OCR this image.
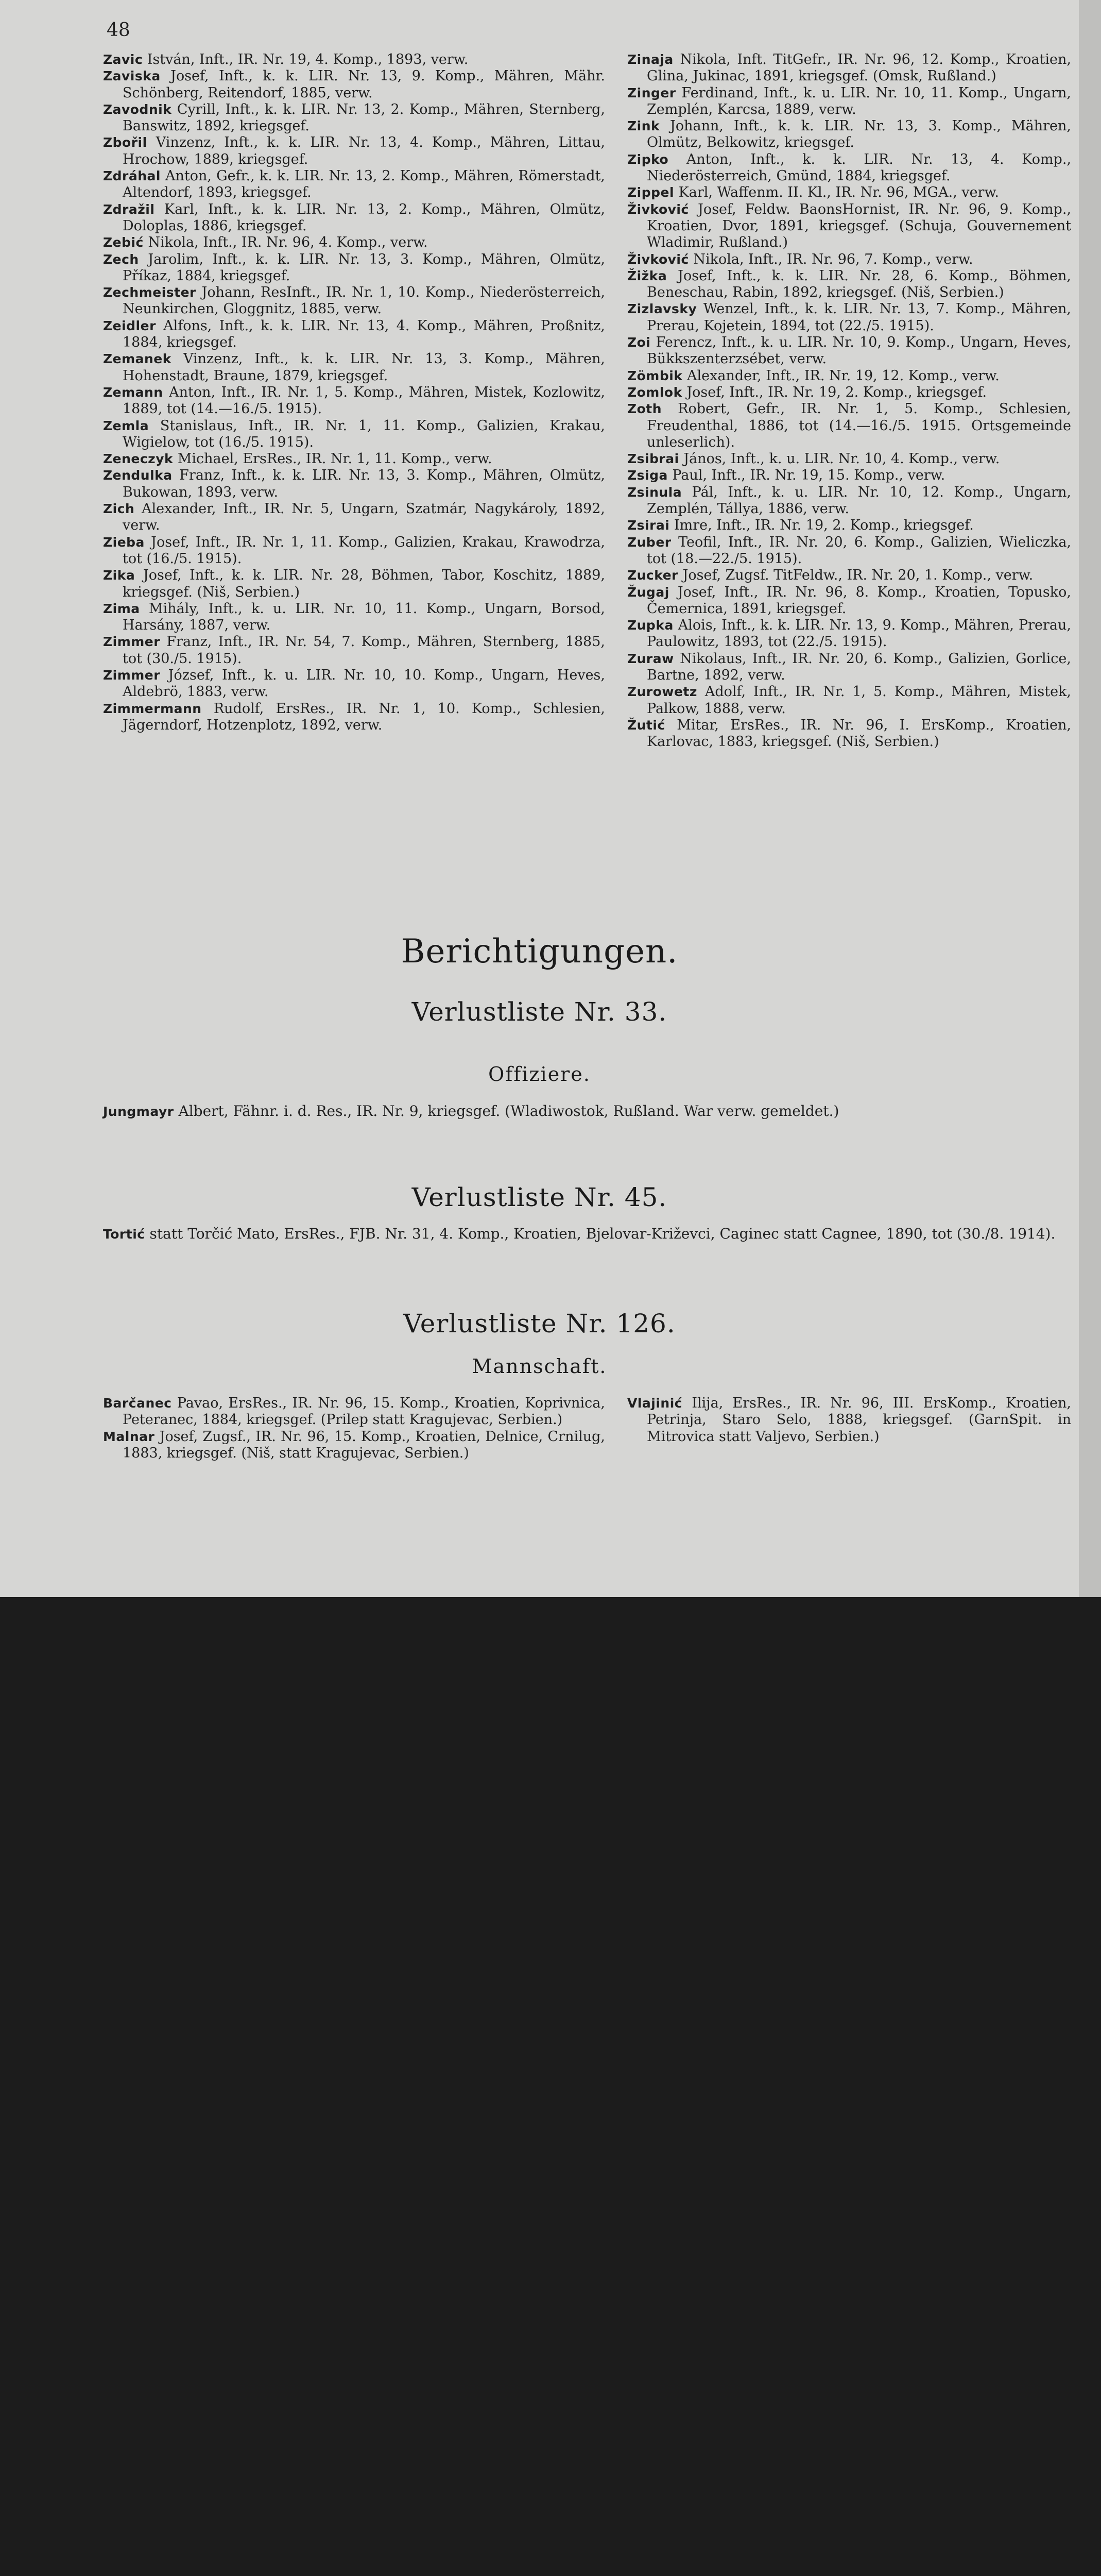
48

Zavic István, Inft., IR. Nr. 19, 4. Komp., 1893, verw.

Zaviska Josef, Inft., k. k. LIR. Nr. 13, 9. Komp., Mähren, Mähr. Schönberg, Reitendorf, 1885, verw.

Zavodnik Cyrill, Inft., k. k. LIR. Nr. 13, 2. Komp., Mähren, Sternberg, Banswitz, 1892, kriegsgef.

Zbořil Vinzenz, Inft., k. k. LIR. Nr. 13, 4. Komp., Mähren, Littau, Hrochow, 1889, kriegsgef.

Zdráhal Anton, Gefr., k. k. LIR. Nr. 13, 2. Komp., Mähren, Römerstadt, Altendorf, 1893, kriegsgef.

Zdražil Karl, Inft., k. k. LIR. Nr. 13, 2. Komp., Mähren, Olmütz, Doloplas, 1886, kriegsgef.

Zebić Nikola, Inft., IR. Nr. 96, 4. Komp., verw.

Zech Jarolim, Inft., k. k. LIR. Nr. 13, 3. Komp., Mähren, Olmütz, Příkaz, 1884, kriegsgef.

Zechmeister Johann, ResInft., IR. Nr. 1, 10. Komp., Niederösterreich, Neunkirchen, Gloggnitz, 1885, verw.

Zeidler Alfons, Inft., k. k. LIR. Nr. 13, 4. Komp., Mähren, Proßnitz, 1884, kriegsgef.

Zemanek Vinzenz, Inft., k. k. LIR. Nr. 13, 3. Komp., Mähren, Hohenstadt, Braune, 1879, kriegsgef.

Zemann Anton, Inft., IR. Nr. 1, 5. Komp., Mähren, Mistek, Kozlowitz, 1889, tot (14.—16./5. 1915).

Zemla Stanislaus, Inft., IR. Nr. 1, 11. Komp., Galizien, Krakau, Wigielow, tot (16./5. 1915).

Zeneczyk Michael, ErsRes., IR. Nr. 1, 11. Komp., verw.

Zendulka Franz, Inft., k. k. LIR. Nr. 13, 3. Komp., Mähren, Olmütz, Bukowan, 1893, verw.

Zich Alexander, Inft., IR. Nr. 5, Ungarn, Szatmár, Nagykároly, 1892, verw.

Zieba Josef, Inft., IR. Nr. 1, 11. Komp., Galizien, Krakau, Krawodrza, tot (16./5. 1915).

Zika Josef, Inft., k. k. LIR. Nr. 28, Böhmen, Tabor, Koschitz, 1889, kriegsgef. (Niš, Serbien.)

Zima Mihály, Inft., k. u. LIR. Nr. 10, 11. Komp., Ungarn, Borsod, Harsány, 1887, verw.

Zimmer Franz, Inft., IR. Nr. 54, 7. Komp., Mähren, Sternberg, 1885, tot (30./5. 1915).

Zimmer József, Inft., k. u. LIR. Nr. 10, 10. Komp., Ungarn, Heves, Aldebrö, 1883, verw.

Zimmermann Rudolf, ErsRes., IR. Nr. 1, 10. Komp., Schlesien, Jägerndorf, Hotzenplotz, 1892, verw.

Zinaja Nikola, Inft. TitGefr., IR. Nr. 96, 12. Komp., Kroatien, Glina, Jukinac, 1891, kriegsgef. (Omsk, Rußland.)

Zinger Ferdinand, Inft., k. u. LIR. Nr. 10, 11. Komp., Ungarn, Zemplén, Karcsa, 1889, verw.

Zink Johann, Inft., k. k. LIR. Nr. 13, 3. Komp., Mähren, Olmütz, Belkowitz, kriegsgef.

Zipko Anton, Inft., k. k. LIR. Nr. 13, 4. Komp., Niederösterreich, Gmünd, 1884, kriegsgef.

Zippel Karl, Waffenm. II. Kl., IR. Nr. 96, MGA., verw.

Živković Josef, Feldw. BaonsHornist, IR. Nr. 96, 9. Komp., Kroatien, Dvor, 1891, kriegsgef. (Schuja, Gouvernement Wladimir, Rußland.)

Živković Nikola, Inft., IR. Nr. 96, 7. Komp., verw.

Žižka Josef, Inft., k. k. LIR. Nr. 28, 6. Komp., Böhmen, Beneschau, Rabin, 1892, kriegsgef. (Niš, Serbien.)

Zizlavsky Wenzel, Inft., k. k. LIR. Nr. 13, 7. Komp., Mähren, Prerau, Kojetein, 1894, tot (22./5. 1915).

Zoi Ferencz, Inft., k. u. LIR. Nr. 10, 9. Komp., Ungarn, Heves, Bükkszenterzsébet, verw.

Zömbik Alexander, Inft., IR. Nr. 19, 12. Komp., verw.

Zomlok Josef, Inft., IR. Nr. 19, 2. Komp., kriegsgef.

Zoth Robert, Gefr., IR. Nr. 1, 5. Komp., Schlesien, Freudenthal, 1886, tot (14.—16./5. 1915. Ortsgemeinde unleserlich).

Zsibrai János, Inft., k. u. LIR. Nr. 10, 4. Komp., verw.

Zsiga Paul, Inft., IR. Nr. 19, 15. Komp., verw.

Zsinula Pál, Inft., k. u. LIR. Nr. 10, 12. Komp., Ungarn, Zemplén, Tállya, 1886, verw.

Zsirai Imre, Inft., IR. Nr. 19, 2. Komp., kriegsgef.

Zuber Teofil, Inft., IR. Nr. 20, 6. Komp., Galizien, Wieliczka, tot (18.—22./5. 1915).

Zucker Josef, Zugsf. TitFeldw., IR. Nr. 20, 1. Komp., verw.

Žugaj Josef, Inft., IR. Nr. 96, 8. Komp., Kroatien, Topusko, Čemernica, 1891, kriegsgef.

Zupka Alois, Inft., k. k. LIR. Nr. 13, 9. Komp., Mähren, Prerau, Paulowitz, 1893, tot (22./5. 1915).

Zuraw Nikolaus, Inft., IR. Nr. 20, 6. Komp., Galizien, Gorlice, Bartne, 1892, verw.

Zurowetz Adolf, Inft., IR. Nr. 1, 5. Komp., Mähren, Mistek, Palkow, 1888, verw.

Žutić Mitar, ErsRes., IR. Nr. 96, I. ErsKomp., Kroatien, Karlovac, 1883, kriegsgef. (Niš, Serbien.)

Berichtigungen.
Verlustliste Nr. 33.
Offiziere.
Jungmayr Albert, Fähnr. i. d. Res., IR. Nr. 9, kriegsgef. (Wladiwostok, Rußland. War verw. gemeldet.)
Verlustliste Nr. 45.
Tortić statt Torčić Mato, ErsRes., FJB. Nr. 31, 4. Komp., Kroatien, Bjelovar-Križevci, Caginec statt Cagnee, 1890, tot (30./8. 1914).
Verlustliste Nr. 126.
Mannschaft.

Barčanec Pavao, ErsRes., IR. Nr. 96, 15. Komp., Kroatien, Koprivnica, Peteranec, 1884, kriegsgef. (Prilep statt Kragujevac, Serbien.)

Malnar Josef, Zugsf., IR. Nr. 96, 15. Komp., Kroatien, Delnice, Crnilug, 1883, kriegsgef. (Niš, statt Kragujevac, Serbien.)

Vlajinić Ilija, ErsRes., IR. Nr. 96, III. ErsKomp., Kroatien, Petrinja, Staro Selo, 1888, kriegsgef. (GarnSpit. in Mitrovica statt Valjevo, Serbien.)
